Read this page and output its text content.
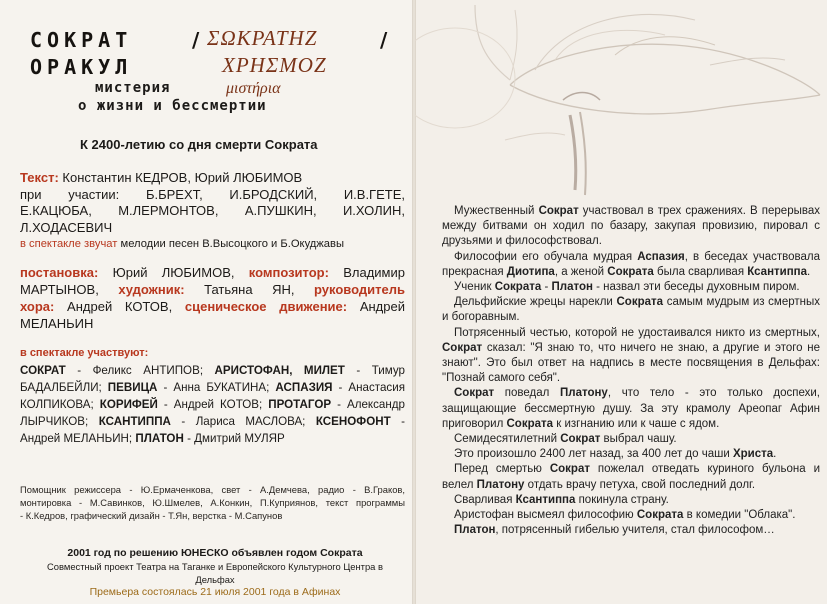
СОКРАТ	/ ΣΩΚΡΑΤΗΖ	/
ОРАКУЛ	ΧΡΗΣΜΟΖ
мистерия	μιστήρια
о жизни и бессмертии
К 2400-летию со дня смерти Сократа
Текст: Константин КЕДРОВ, Юрий ЛЮБИМОВ
при участии: Б.БРЕХТ, И.БРОДСКИЙ, И.В.ГЕТЕ,
Е.КАЦЮБА, М.ЛЕРМОНТОВ, А.ПУШКИН, И.ХОЛИН,
Л.ХОДАСЕВИЧ
в спектакле звучат мелодии песен В.Высоцкого и Б.Окуджавы
постановка: Юрий ЛЮБИМОВ, композитор: Владимир
МАРТЫНОВ, художник: Татьяна ЯН, руководитель
хора: Андрей КОТОВ, сценическое движение: Андрей
МЕЛАНЬИН
в спектакле участвуют:
СОКРАТ - Феликс АНТИПОВ; АРИСТОФАН, МИЛЕТ - Тимур
БАДАЛБЕЙЛИ; ПЕВИЦА - Анна БУКАТИНА; АСПАЗИЯ - Анастасия
КОЛПИКОВА; КОРИФЕЙ - Андрей КОТОВ; ПРОТАГОР - Александр
ЛЫРЧИКОВ; КСАНТИППА - Лариса МАСЛОВА; КСЕНОФОНТ -
Андрей МЕЛАНЬИН; ПЛАТОН - Дмитрий МУЛЯР
Помощник режиссера - Ю.Ермаченкова, свет - А.Демчева, радио - В.Граков,
монтировка - М.Савинков, Ю.Шмелев, А.Конкин, П.Куприянов, текст программы
- К.Кедров, графический дизайн - Т.Ян, верстка - М.Сапунов
2001 год по решению ЮНЕСКО объявлен годом Сократа
Совместный проект Театра на Таганке и Европейского Культурного Центра в Дельфах
Премьера состоялась 21 июля 2001 года в Афинах

Мужественный Сократ участвовал в трех сражениях. В перерывах между битвами он ходил по базару, закупая провизию, пировал с друзьями и философствовал.

Философии его обучала мудрая Аспазия, в беседах участвовала прекрасная Диотипа, а женой Сократа была сварливая Ксантиппа.

Ученик Сократа - Платон - назвал эти беседы духовным пиром.

Дельфийские жрецы нарекли Сократа самым мудрым из смертных и богоравным.

Потрясенный честью, которой не удостаивался никто из смертных, Сократ сказал: "Я знаю то, что ничего не знаю, а другие и этого не знают". Это был ответ на надпись в месте посвящения в Дельфах: "Познай самого себя".

Сократ поведал Платону, что тело - это только доспехи, защищающие бессмертную душу. За эту крамолу Ареопаг Афин приговорил Сократа к изгнанию или к чаше с ядом.

Семидесятилетний Сократ выбрал чашу.

Это произошло 2400 лет назад, за 400 лет до чаши Христа.

Перед смертью Сократ пожелал отведать куриного бульона и велел Платону отдать врачу петуха, свой последний долг.

Сварливая Ксантиппа покинула страну.

Аристофан высмеял философию Сократа в комедии "Облака".

Платон, потрясенный гибелью учителя, стал философом…
